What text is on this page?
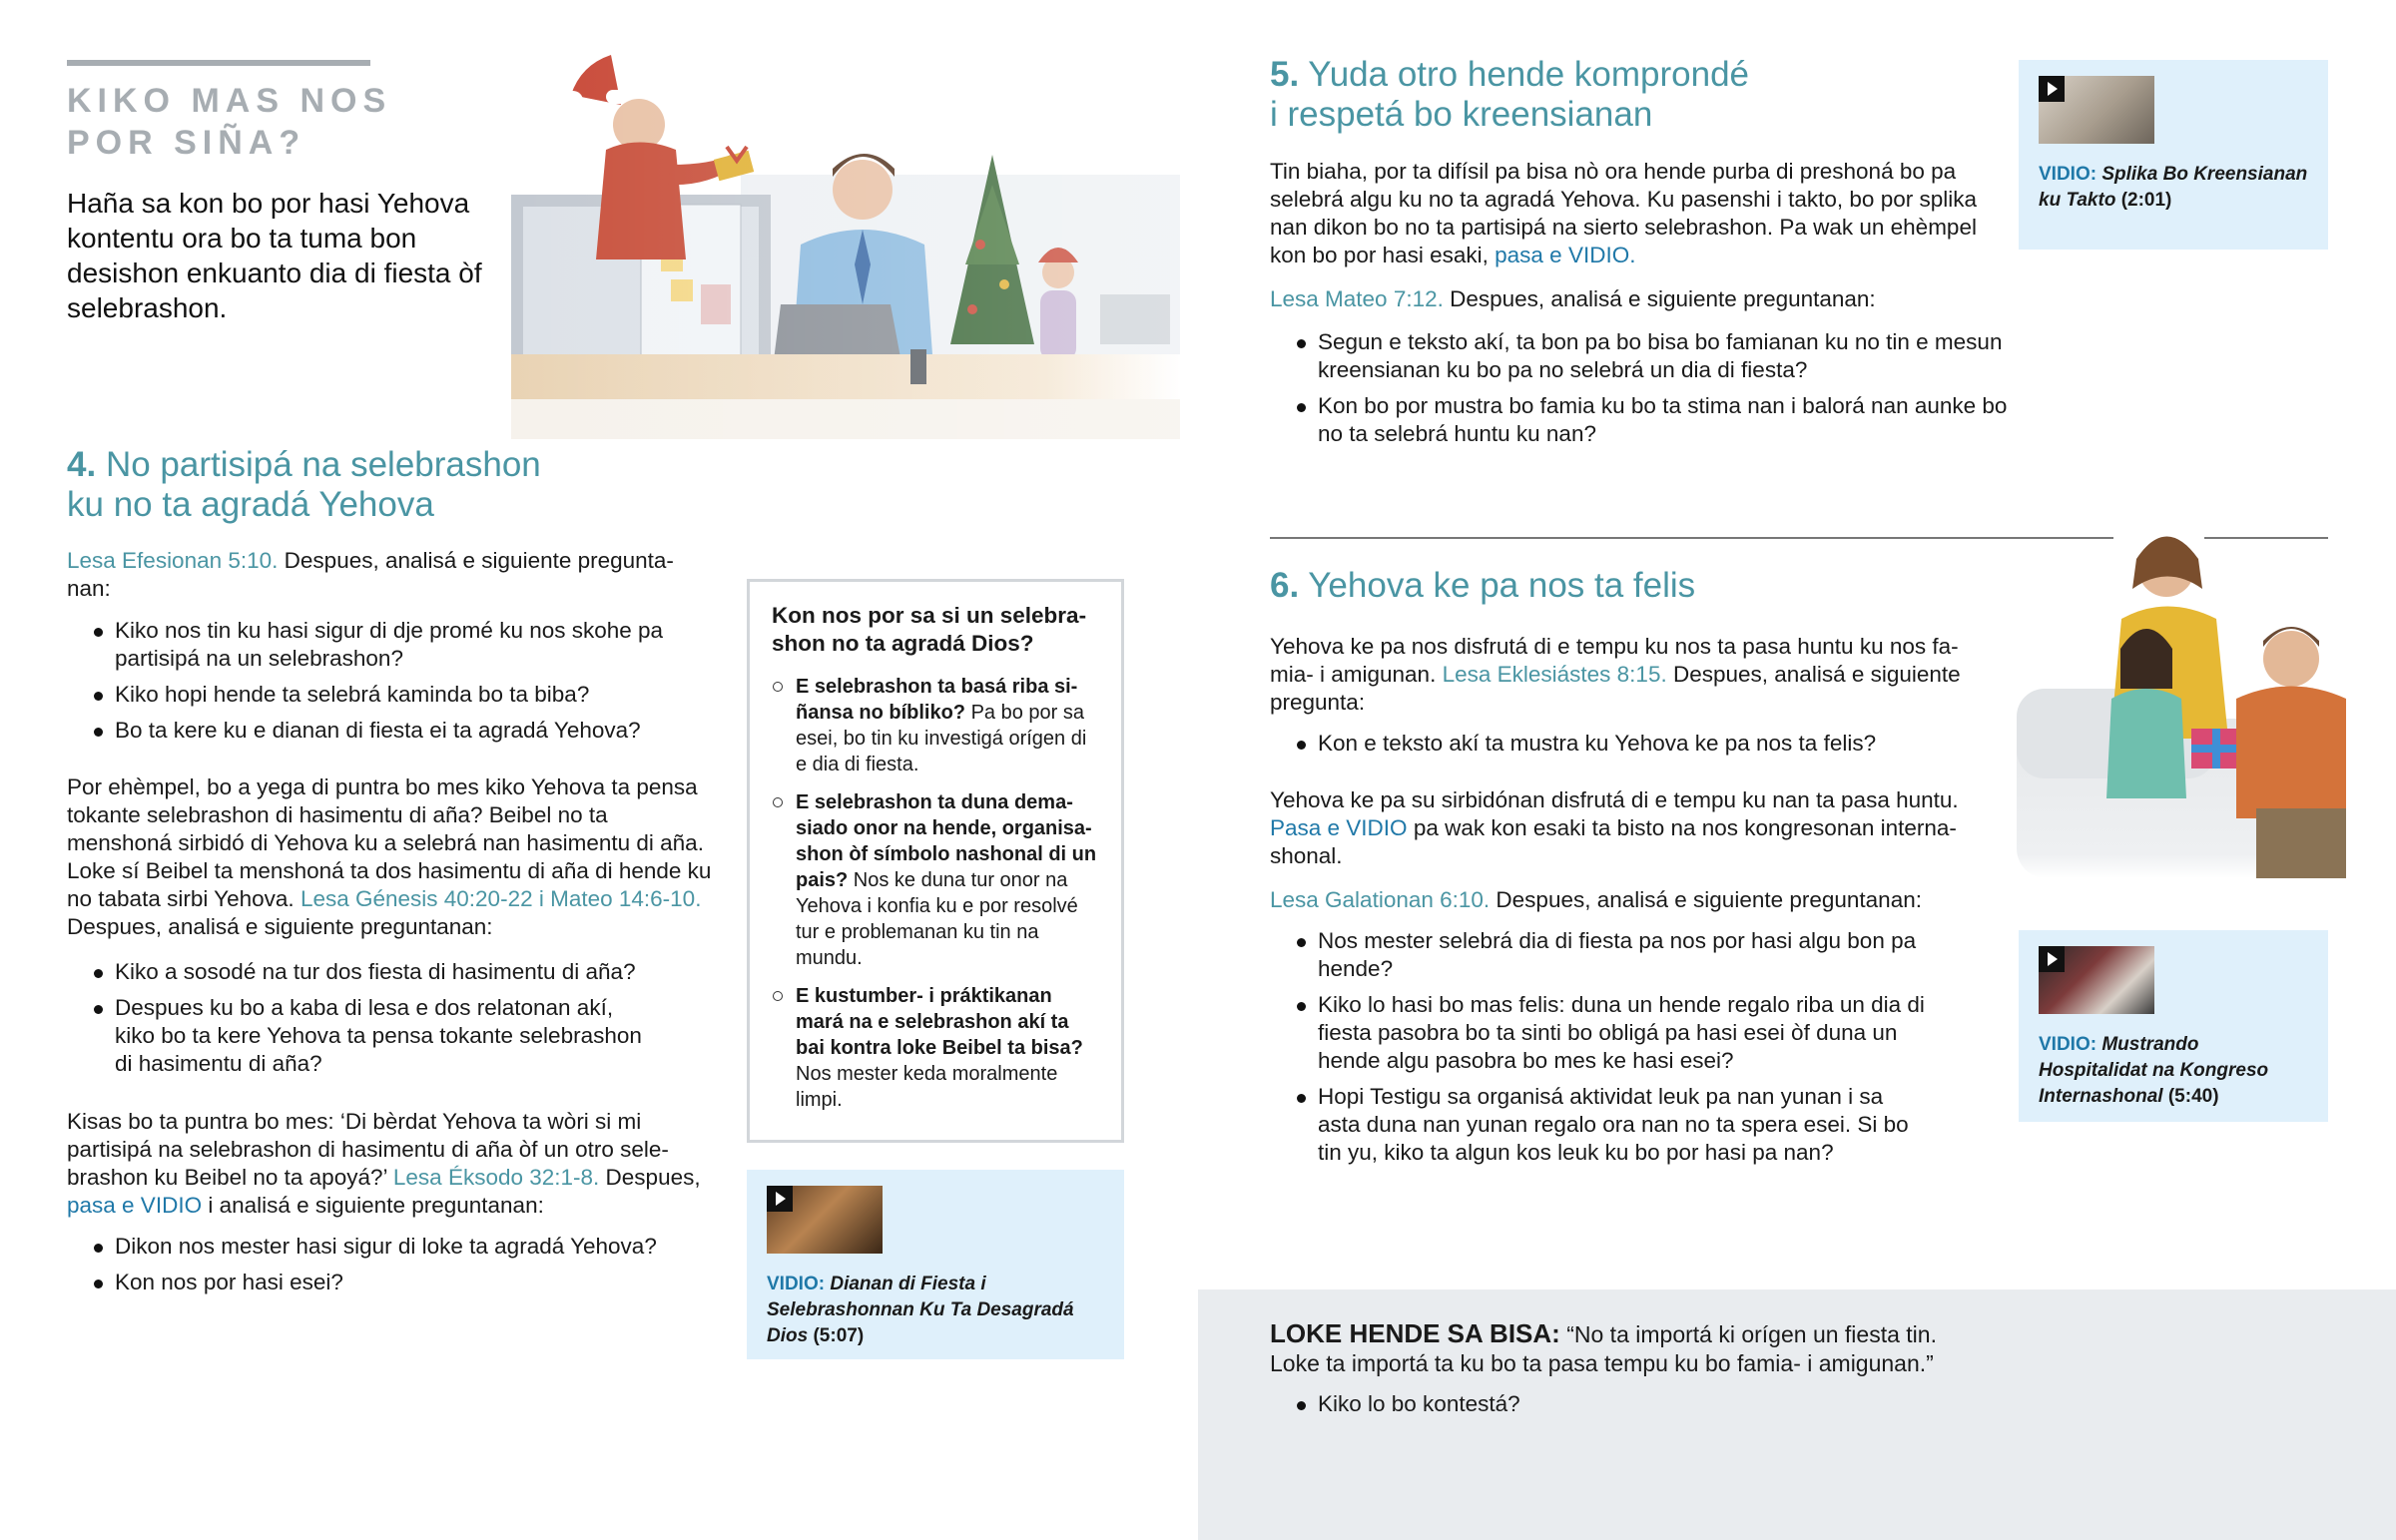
KIKO MAS NOS
POR SIÑA?
Haña sa kon bo por hasi Yehova kontentu ora bo ta tuma bon desishon enkuanto dia di fiesta òf selebrashon.
4. No partisipá na selebrashon
ku no ta agradá Yehova
Lesa Efesionan 5:10. Despues, analisá e siguiente pregunta-nan:
Kiko nos tin ku hasi sigur di dje promé ku nos skohe pa partisipá na un selebrashon?
Kiko hopi hende ta selebrá kaminda bo ta biba?
Bo ta kere ku e dianan di fiesta ei ta agradá Yehova?
Por ehèmpel, bo a yega di puntra bo mes kiko Yehova ta pensa tokante selebrashon di hasimentu di aña? Beibel no ta menshoná sirbidó di Yehova ku a selebrá nan hasimentu di aña. Loke sí Beibel ta menshoná ta dos hasimentu di aña di hende ku no tabata sirbi Yehova. Lesa Génesis 40:20-22 i Mateo 14:6-10. Despues, analisá e siguiente preguntanan:
Kiko a sosodé na tur dos fiesta di hasimentu di aña?
Despues ku bo a kaba di lesa e dos relatonan akí, kiko bo ta kere Yehova ta pensa tokante selebrashon di hasimentu di aña?
Kisas bo ta puntra bo mes: ‘Di bèrdat Yehova ta wòri si mi partisipá na selebrashon di hasimentu di aña òf un otro sele-brashon ku Beibel no ta apoyá?’ Lesa Éksodo 32:1-8. Despues,
pasa e VIDIO i analisá e siguiente preguntanan:
Dikon nos mester hasi sigur di loke ta agradá Yehova?
Kon nos por hasi esei?
Kon nos por sa si un selebra-shon no ta agradá Dios?
E selebrashon ta basá riba si-ñansa no bíbliko? Pa bo por sa esei, bo tin ku investigá orígen di e dia di fiesta.
E selebrashon ta duna dema-siado onor na hende, organisa-shon òf símbolo nashonal di un pais? Nos ke duna tur onor na Yehova i konfia ku e por resolvé tur e problemanan ku tin na mundu.
E kustumber- i práktikanan mará na e selebrashon akí ta bai kontra loke Beibel ta bisa? Nos mester keda moralmente limpi.
VIDIO: Dianan di Fiesta i Selebrashonnan Ku Ta Desagradá Dios (5:07)
5. Yuda otro hende komprondé
i respetá bo kreensianan
Tin biaha, por ta difísil pa bisa nò ora hende purba di preshoná bo pa selebrá algu ku no ta agradá Yehova. Ku pasenshi i takto, bo por splika nan dikon bo no ta partisipá na sierto selebrashon. Pa wak un ehèmpel kon bo por hasi esaki, pasa e VIDIO.
Lesa Mateo 7:12. Despues, analisá e siguiente preguntanan:
Segun e teksto akí, ta bon pa bo bisa bo famianan ku no tin e mesun kreensianan ku bo pa no selebrá un dia di fiesta?
Kon bo por mustra bo famia ku bo ta stima nan i balorá nan aunke bo no ta selebrá huntu ku nan?
VIDIO: Splika Bo Kreensianan ku Takto (2:01)
6. Yehova ke pa nos ta felis
Yehova ke pa nos disfrutá di e tempu ku nos ta pasa huntu ku nos fa-mia- i amigunan. Lesa Eklesiástes 8:15. Despues, analisá e siguiente pregunta:
Kon e teksto akí ta mustra ku Yehova ke pa nos ta felis?
Yehova ke pa su sirbidónan disfrutá di e tempu ku nan ta pasa huntu. Pasa e VIDIO pa wak kon esaki ta bisto na nos kongresonan interna-shonal.
Lesa Galationan 6:10. Despues, analisá e siguiente preguntanan:
Nos mester selebrá dia di fiesta pa nos por hasi algu bon pa hende?
Kiko lo hasi bo mas felis: duna un hende regalo riba un dia di fiesta pasobra bo ta sinti bo obligá pa hasi esei òf duna un hende algu pasobra bo mes ke hasi esei?
Hopi Testigu sa organisá aktividat leuk pa nan yunan i sa asta duna nan yunan regalo ora nan no ta spera esei. Si bo tin yu, kiko ta algun kos leuk ku bo por hasi pa nan?
VIDIO: Mustrando Hospitalidat na Kongreso Internashonal (5:40)
LOKE HENDE SA BISA: “No ta importá ki orígen un fiesta tin.
Loke ta importá ta ku bo ta pasa tempu ku bo famia- i amigunan.”
Kiko lo bo kontestá?
